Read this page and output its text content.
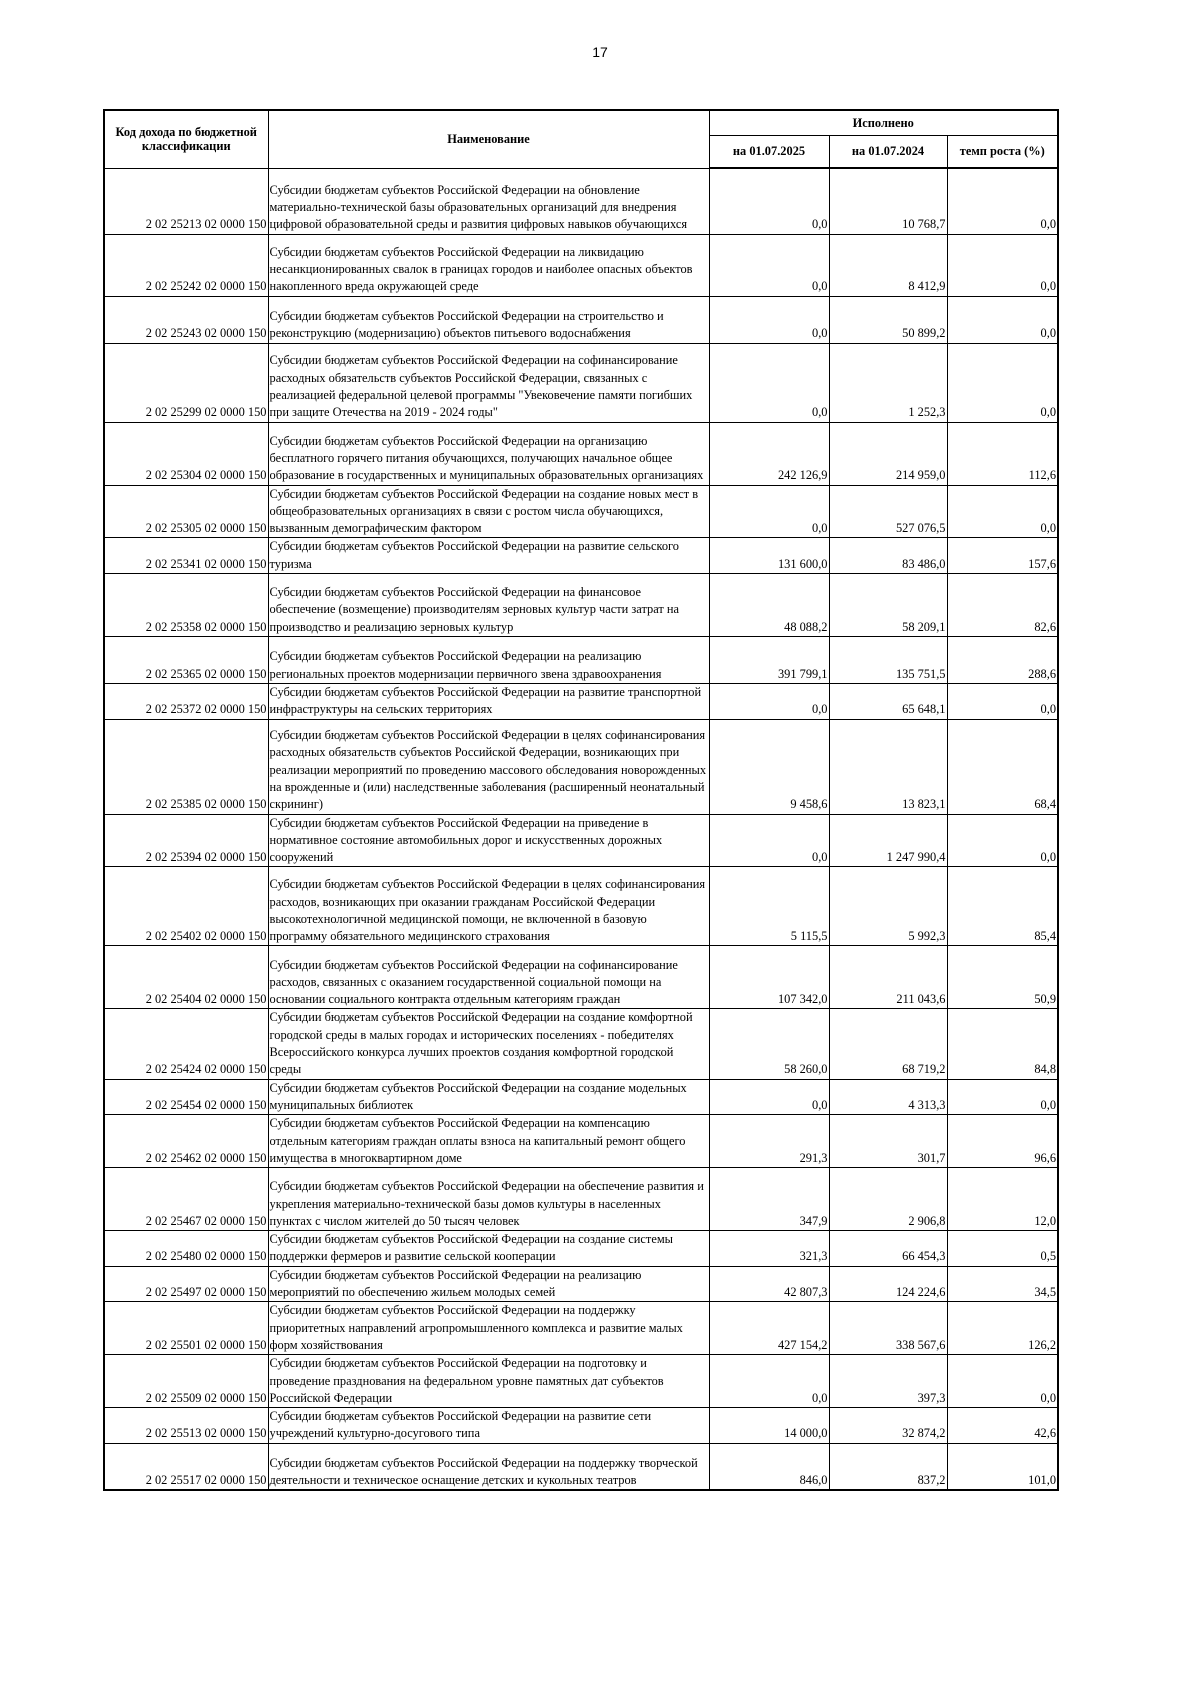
17
Код дохода по бюджетной классификации	Наименование	Исполнено		
		на 01.07.2025	на 01.07.2024	темп роста (%)
2 02 25213 02 0000 150	Субсидии бюджетам субъектов Российской Федерации на обновление материально-технической базы образовательных организаций для внедрения цифровой образовательной среды и развития цифровых навыков обучающихся	0,0	10 768,7	0,0
2 02 25242 02 0000 150	Субсидии бюджетам субъектов Российской Федерации на ликвидацию несанкционированных свалок в границах городов и наиболее опасных объектов накопленного вреда окружающей среде	0,0	8 412,9	0,0
2 02 25243 02 0000 150	Субсидии бюджетам субъектов Российской Федерации на строительство и реконструкцию (модернизацию) объектов питьевого водоснабжения	0,0	50 899,2	0,0
2 02 25299 02 0000 150	Субсидии бюджетам субъектов Российской Федерации на софинансирование расходных обязательств субъектов Российской Федерации, связанных с реализацией федеральной целевой программы "Увековечение памяти погибших при защите Отечества на 2019 - 2024 годы"	0,0	1 252,3	0,0
2 02 25304 02 0000 150	Субсидии бюджетам субъектов Российской Федерации на организацию бесплатного горячего питания обучающихся, получающих начальное общее образование в государственных и муниципальных образовательных организациях	242 126,9	214 959,0	112,6
2 02 25305 02 0000 150	Субсидии бюджетам субъектов Российской Федерации на создание новых мест в общеобразовательных организациях в связи с ростом числа обучающихся, вызванным демографическим фактором	0,0	527 076,5	0,0
2 02 25341 02 0000 150	Субсидии бюджетам субъектов Российской Федерации на развитие сельского туризма	131 600,0	83 486,0	157,6
2 02 25358 02 0000 150	Субсидии бюджетам субъектов Российской Федерации на финансовое обеспечение (возмещение) производителям зерновых культур части затрат на производство и реализацию зерновых культур	48 088,2	58 209,1	82,6
2 02 25365 02 0000 150	Субсидии бюджетам субъектов Российской Федерации на реализацию региональных проектов модернизации первичного звена здравоохранения	391 799,1	135 751,5	288,6
2 02 25372 02 0000 150	Субсидии бюджетам субъектов Российской Федерации на развитие транспортной инфраструктуры на сельских территориях	0,0	65 648,1	0,0
2 02 25385 02 0000 150	Субсидии бюджетам субъектов Российской Федерации в целях софинансирования расходных обязательств субъектов Российской Федерации, возникающих при реализации мероприятий по проведению массового обследования новорожденных на врожденные и (или) наследственные заболевания (расширенный неонатальный скрининг)	9 458,6	13 823,1	68,4
2 02 25394 02 0000 150	Субсидии бюджетам субъектов Российской Федерации на приведение в нормативное состояние автомобильных дорог и искусственных дорожных сооружений	0,0	1 247 990,4	0,0
2 02 25402 02 0000 150	Субсидии бюджетам субъектов Российской Федерации в целях софинансирования расходов, возникающих при оказании гражданам Российской Федерации высокотехнологичной медицинской помощи, не включенной в базовую программу обязательного медицинского страхования	5 115,5	5 992,3	85,4
2 02 25404 02 0000 150	Субсидии бюджетам субъектов Российской Федерации на софинансирование расходов, связанных с оказанием государственной социальной помощи на основании социального контракта отдельным категориям граждан	107 342,0	211 043,6	50,9
2 02 25424 02 0000 150	Субсидии бюджетам субъектов Российской Федерации на создание комфортной городской среды в малых городах и исторических поселениях - победителях Всероссийского конкурса лучших проектов создания комфортной городской среды	58 260,0	68 719,2	84,8
2 02 25454 02 0000 150	Субсидии бюджетам субъектов Российской Федерации на создание модельных муниципальных библиотек	0,0	4 313,3	0,0
2 02 25462 02 0000 150	Субсидии бюджетам субъектов Российской Федерации на компенсацию отдельным категориям граждан оплаты взноса на капитальный ремонт общего имущества в многоквартирном доме	291,3	301,7	96,6
2 02 25467 02 0000 150	Субсидии бюджетам субъектов Российской Федерации на обеспечение развития и укрепления материально-технической базы домов культуры в населенных пунктах с числом жителей до 50 тысяч человек	347,9	2 906,8	12,0
2 02 25480 02 0000 150	Субсидии бюджетам субъектов Российской Федерации на создание системы поддержки фермеров и развитие сельской кооперации	321,3	66 454,3	0,5
2 02 25497 02 0000 150	Субсидии бюджетам субъектов Российской Федерации на реализацию мероприятий по обеспечению жильем молодых семей	42 807,3	124 224,6	34,5
2 02 25501 02 0000 150	Субсидии бюджетам субъектов Российской Федерации на поддержку приоритетных направлений агропромышленного комплекса и развитие малых форм хозяйствования	427 154,2	338 567,6	126,2
2 02 25509 02 0000 150	Субсидии бюджетам субъектов Российской Федерации на подготовку и проведение празднования на федеральном уровне памятных дат субъектов Российской Федерации	0,0	397,3	0,0
2 02 25513 02 0000 150	Субсидии бюджетам субъектов Российской Федерации на развитие сети учреждений культурно-досугового типа	14 000,0	32 874,2	42,6
2 02 25517 02 0000 150	Субсидии бюджетам субъектов Российской Федерации на поддержку творческой деятельности и техническое оснащение детских и кукольных театров	846,0	837,2	101,0
